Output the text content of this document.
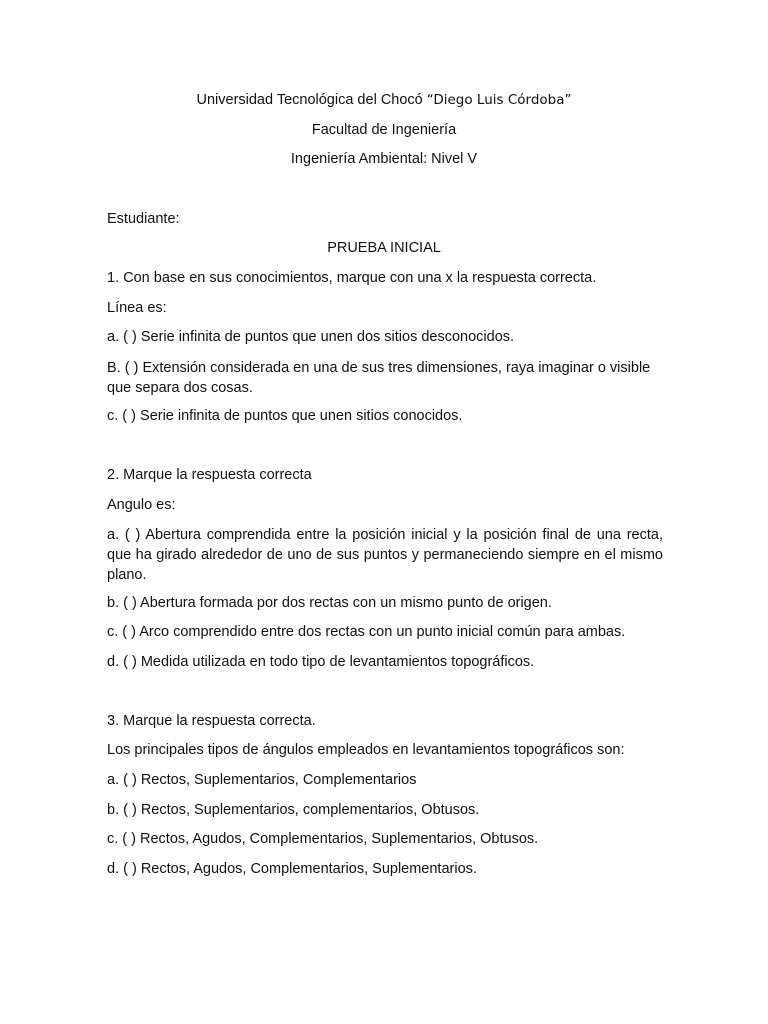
Universidad Tecnológica del Chocó “Diego Luis Córdoba”
Facultad de Ingeniería
Ingeniería Ambiental: Nivel V
Estudiante:
PRUEBA INICIAL
1. Con base en sus conocimientos, marque con una x la respuesta correcta.
Línea es:
a. ( ) Serie infinita de puntos que unen dos sitios desconocidos.
B. ( ) Extensión considerada en una de sus tres dimensiones, raya imaginar o visible que separa dos cosas.
c. ( ) Serie infinita de puntos que unen sitios conocidos.
2. Marque la respuesta correcta
Angulo es:
a. ( ) Abertura comprendida entre la posición inicial y la posición final de una recta, que ha girado alrededor de uno de sus puntos y permaneciendo siempre en el mismo plano.
b. ( ) Abertura formada por dos rectas con un mismo punto de origen.
c. ( ) Arco comprendido entre dos rectas con un punto inicial común para ambas.
d. ( ) Medida utilizada en todo tipo de levantamientos topográficos.
3. Marque la respuesta correcta.
Los principales tipos de ángulos empleados en levantamientos topográficos son:
a. ( ) Rectos, Suplementarios, Complementarios
b. ( ) Rectos, Suplementarios, complementarios, Obtusos.
c. ( ) Rectos, Agudos, Complementarios, Suplementarios, Obtusos.
d. ( ) Rectos, Agudos, Complementarios, Suplementarios.
